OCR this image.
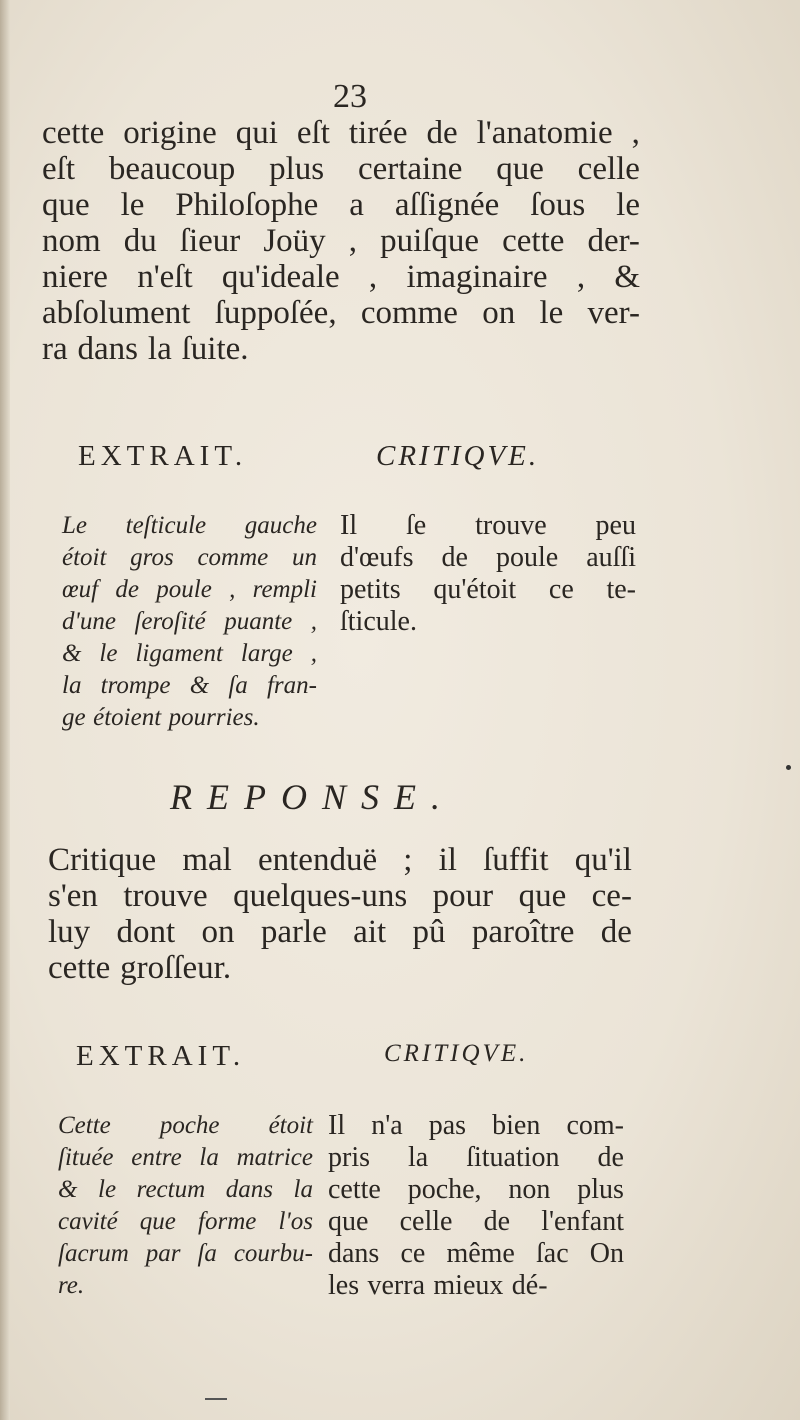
23
cette origine qui eſt tirée de l'anatomie ,
eſt beaucoup plus certaine que celle
que le Philoſophe a aſſignée ſous le
nom du ſieur Joüy , puiſque cette der-
niere n'eſt qu'ideale , imaginaire , &
abſolument ſuppoſée, comme on le ver-
ra dans la ſuite.
EXTRAIT.	CRITIQVE.
Le teſticule gauche
étoit gros comme un
œuf de poule , rempli
d'une ſeroſité puante ,
& le ligament large ,
la trompe & ſa fran-
ge étoient pourries.
Il ſe trouve peu
d'œufs de poule auſſi
petits qu'étoit ce te-
ſticule.
REPONSE.
Critique mal entenduë ; il ſuffit qu'il
s'en trouve quelques-uns pour que ce-
luy dont on parle ait pû paroître de
cette groſſeur.
EXTRAIT.	CRITIQVE.
Cette poche étoit
ſituée entre la matrice
& le rectum dans la
cavité que forme l'os
ſacrum par ſa courbu-
re.
Il n'a pas bien com-
pris la ſituation de
cette poche, non plus
que celle de l'enfant
dans ce même ſac On
les verra mieux dé-
